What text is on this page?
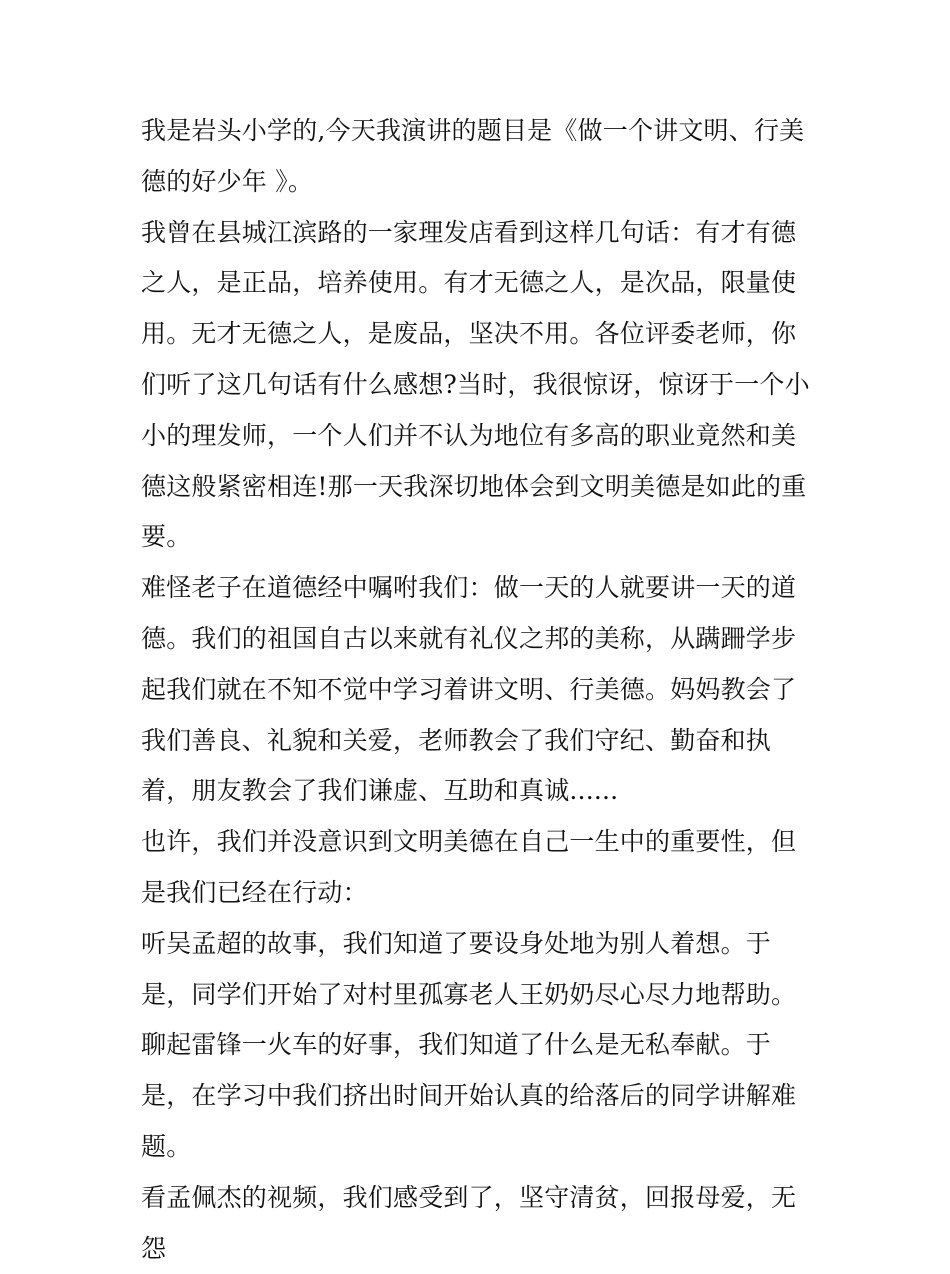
我是岩头小学的,今天我演讲的题目是《做一个讲文明、行美德的好少年 》。

我曾在县城江滨路的一家理发店看到这样几句话：有才有德之人，是正品，培养使用。有才无德之人，是次品，限量使用。无才无德之人，是废品，坚决不用。各位评委老师，你们听了这几句话有什么感想?当时，我很惊讶，惊讶于一个小小的理发师，一个人们并不认为地位有多高的职业竟然和美德这般紧密相连!那一天我深切地体会到文明美德是如此的重要。

难怪老子在道德经中嘱咐我们：做一天的人就要讲一天的道德。我们的祖国自古以来就有礼仪之邦的美称，从蹒跚学步起我们就在不知不觉中学习着讲文明、行美德。妈妈教会了我们善良、礼貌和关爱，老师教会了我们守纪、勤奋和执着，朋友教会了我们谦虚、互助和真诚......

也许，我们并没意识到文明美德在自己一生中的重要性，但是我们已经在行动：

听吴孟超的故事，我们知道了要设身处地为别人着想。于是，同学们开始了对村里孤寡老人王奶奶尽心尽力地帮助。

聊起雷锋一火车的好事，我们知道了什么是无私奉献。于是，在学习中我们挤出时间开始认真的给落后的同学讲解难题。

看孟佩杰的视频，我们感受到了，坚守清贫，回报母爱，无怨
